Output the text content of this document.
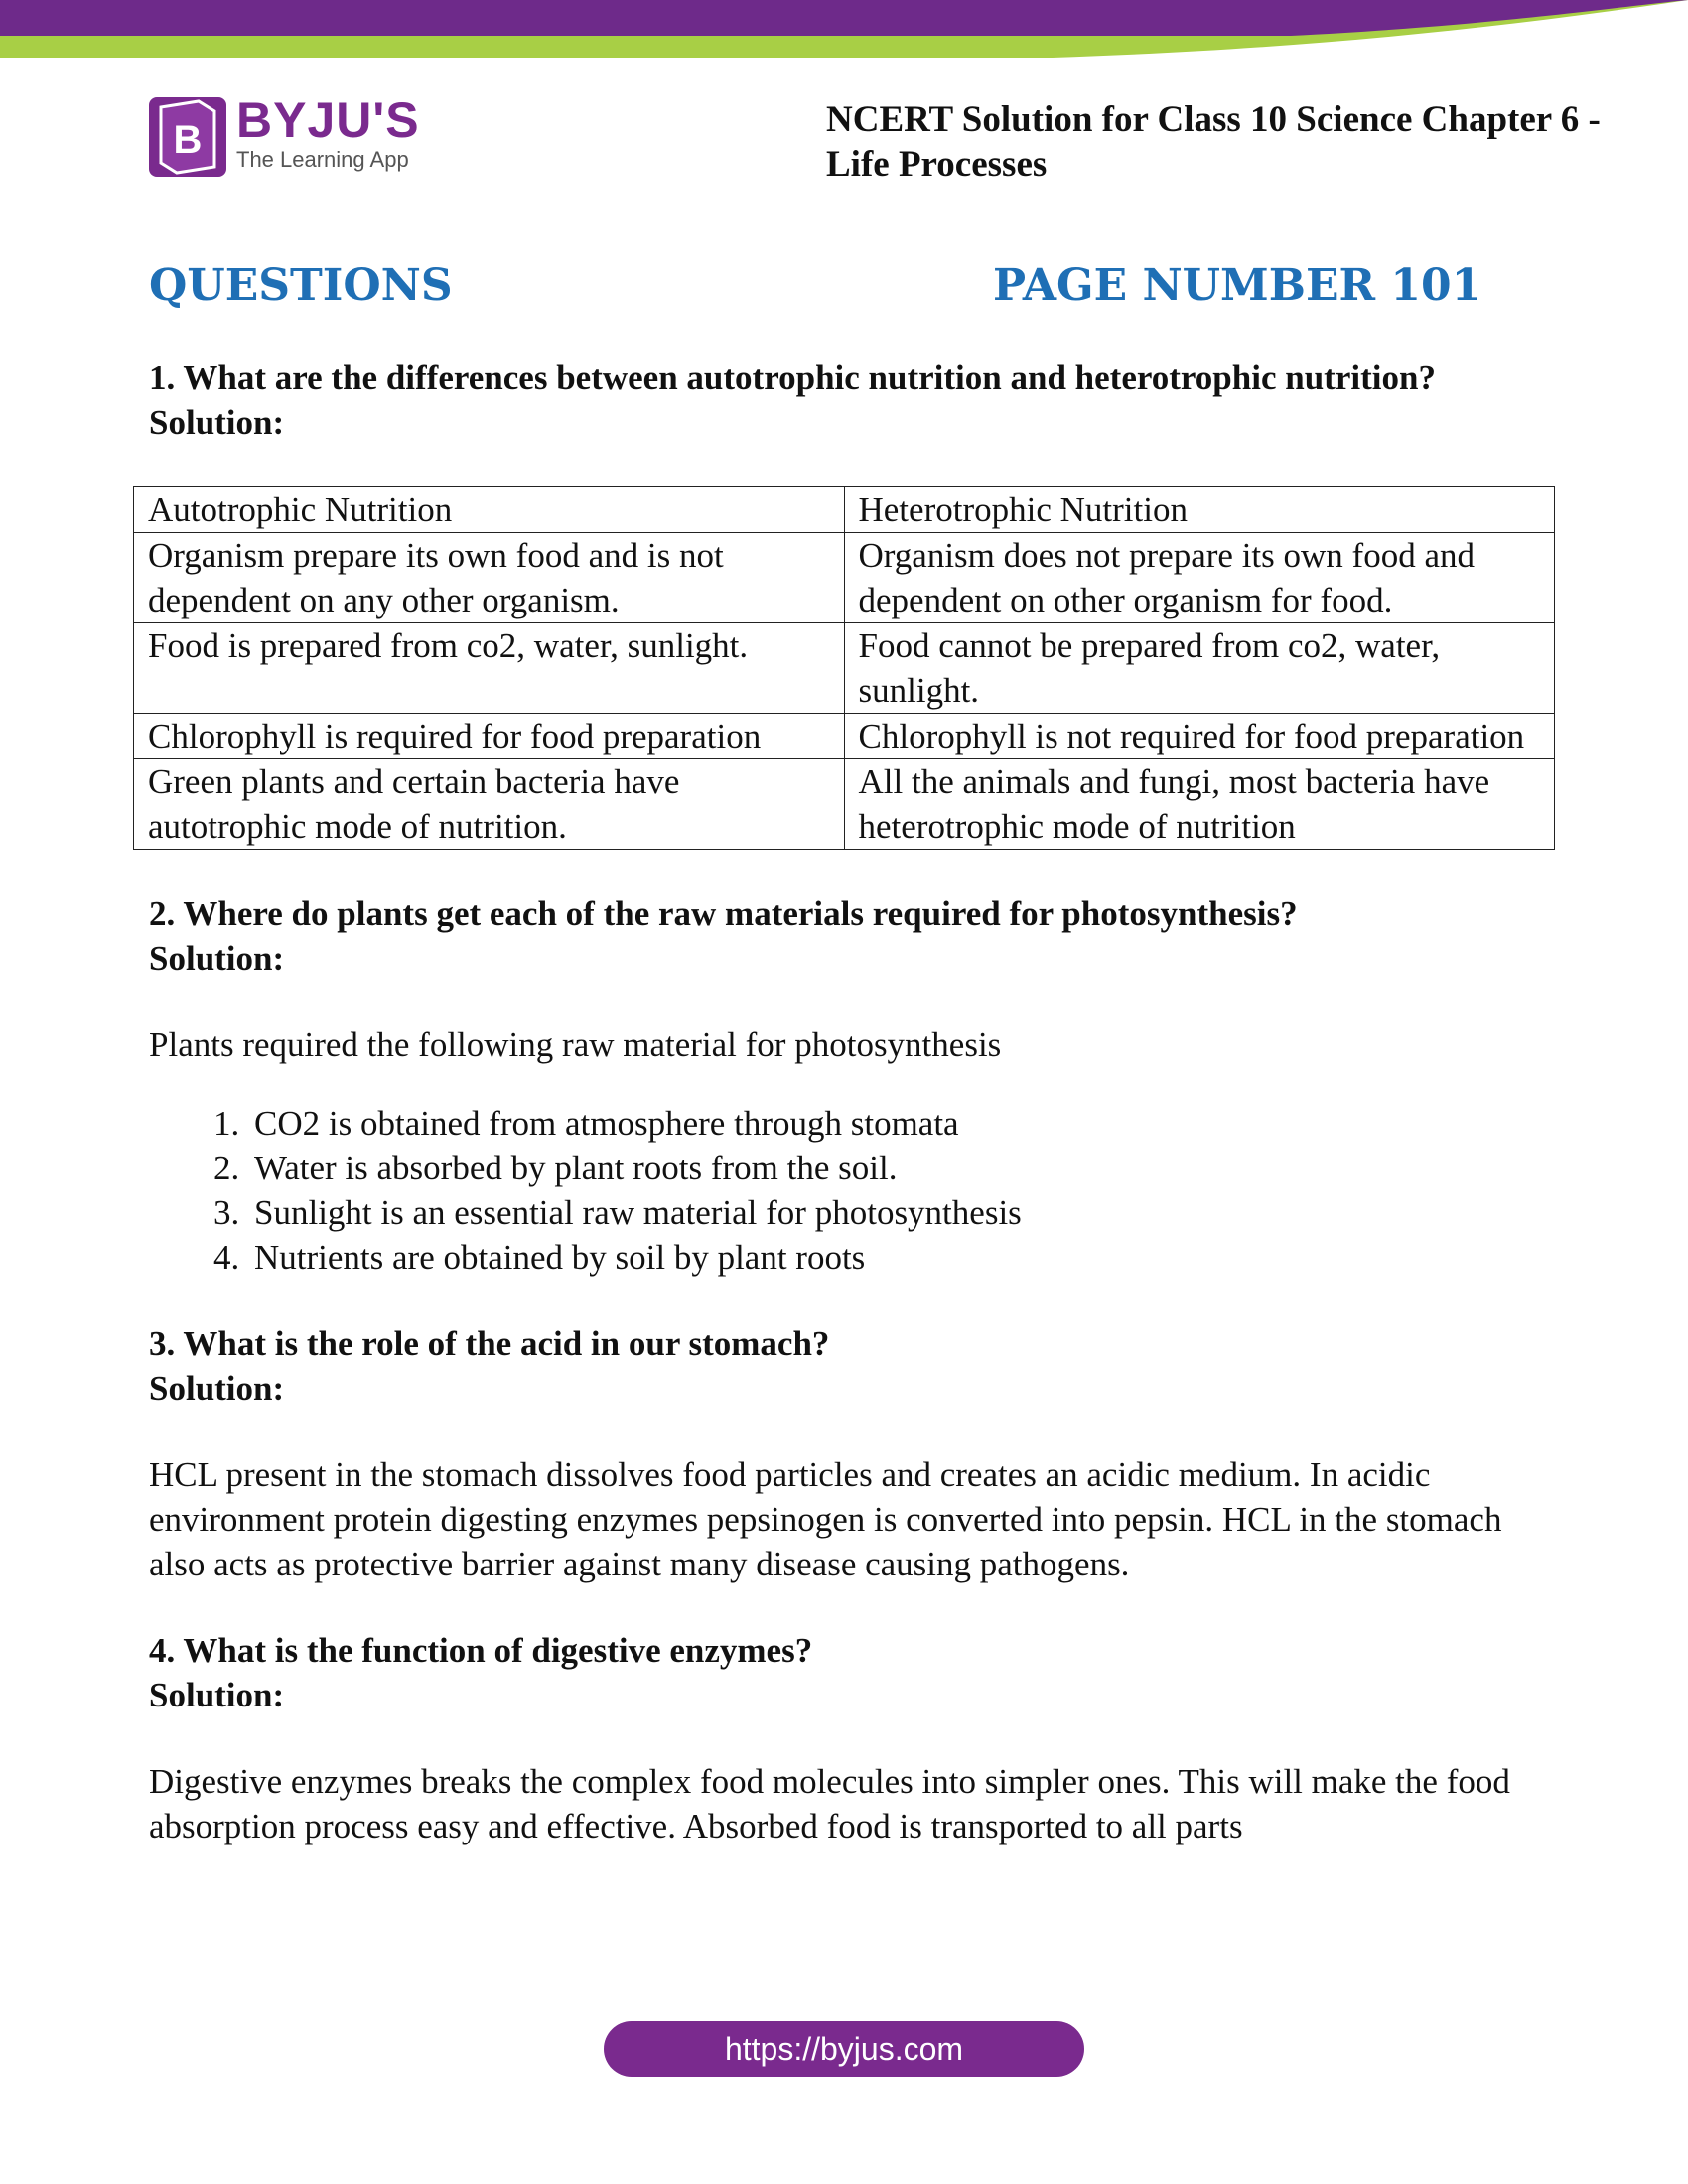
B BYJU'S
The Learning App
NCERT Solution for Class 10 Science Chapter 6 -
Life Processes
QUESTIONS	PAGE NUMBER 101

1. What are the differences between autotrophic nutrition and heterotrophic nutrition?

Solution:

Autotrophic Nutrition	Heterotrophic Nutrition
Organism prepare its own food and is not dependent on any other organism.	Organism does not prepare its own food and dependent on other organism for food.
Food is prepared from co2, water, sunlight.	Food cannot be prepared from co2, water, sunlight.
Chlorophyll is required for food preparation	Chlorophyll is not required for food preparation
Green plants and certain bacteria have autotrophic mode of nutrition.	All the animals and fungi, most bacteria have heterotrophic mode of nutrition

2. Where do plants get each of the raw materials required for photosynthesis?

Solution:

Plants required the following raw material for photosynthesis

1. CO2 is obtained from atmosphere through stomata
2. Water is absorbed by plant roots from the soil.
3. Sunlight is an essential raw material for photosynthesis
4. Nutrients are obtained by soil by plant roots

3. What is the role of the acid in our stomach?

Solution:

HCL present in the stomach dissolves food particles and creates an acidic medium. In acidic environment protein digesting enzymes pepsinogen is converted into pepsin. HCL in the stomach also acts as protective barrier against many disease causing pathogens.

4. What is the function of digestive enzymes?

Solution:

Digestive enzymes breaks the complex food molecules into simpler ones. This will make the food absorption process easy and effective. Absorbed food is transported to all parts

https://byjus.com
